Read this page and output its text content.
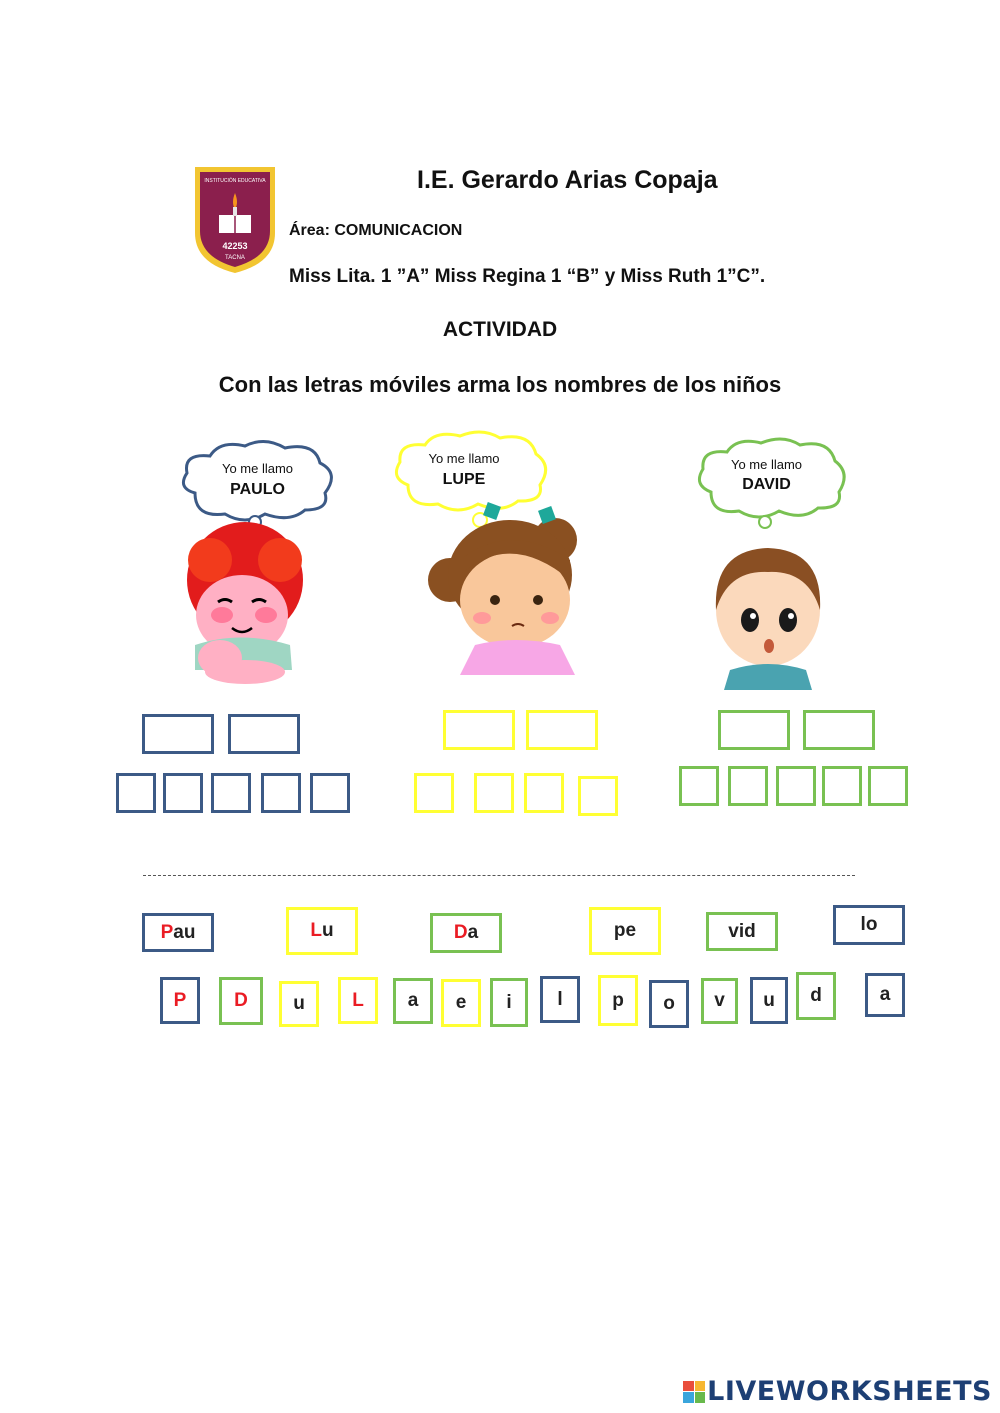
42253
TACNA
INSTITUCIÓN EDUCATIVA	I.E. Gerardo Arias Copaja
Área: COMUNICACION
Miss Lita. 1 ”A” Miss Regina 1 “B” y Miss Ruth 1”C”.
ACTIVIDAD
Con las letras móviles arma los nombres de los niños
Yo me llamo
PAULO
Yo me llamo
LUPE
Yo me llamo
DAVID
P au	L u	D a	pe	vid	lo
P	D u L a e i l	p o v u d	a
LIVEWORKSHEETS
